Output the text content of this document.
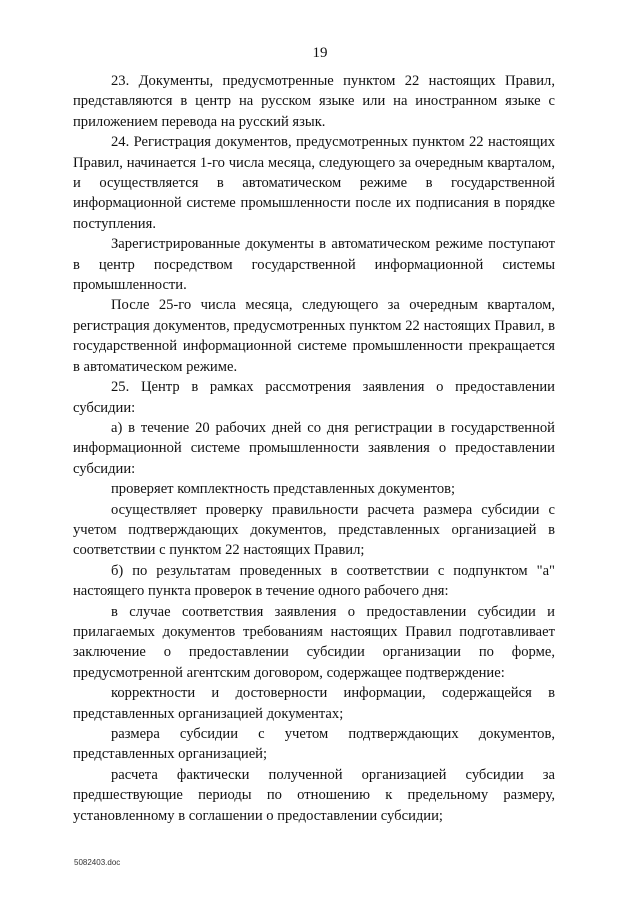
19

23. Документы, предусмотренные пунктом 22 настоящих Правил, представляются в центр на русском языке или на иностранном языке с приложением перевода на русский язык.

24. Регистрация документов, предусмотренных пунктом 22 настоящих Правил, начинается 1-го числа месяца, следующего за очередным кварталом, и осуществляется в автоматическом режиме в государственной информационной системе промышленности после их подписания в порядке поступления.

Зарегистрированные документы в автоматическом режиме поступают в центр посредством государственной информационной системы промышленности.

После 25-го числа месяца, следующего за очередным кварталом, регистрация документов, предусмотренных пунктом 22 настоящих Правил, в государственной информационной системе промышленности прекращается в автоматическом режиме.

25. Центр в рамках рассмотрения заявления о предоставлении субсидии:

а) в течение 20 рабочих дней со дня регистрации в государственной информационной системе промышленности заявления о предоставлении субсидии:

проверяет комплектность представленных документов;

осуществляет проверку правильности расчета размера субсидии с учетом подтверждающих документов, представленных организацией в соответствии с пунктом 22 настоящих Правил;

б) по результатам проведенных в соответствии с подпунктом "а" настоящего пункта проверок в течение одного рабочего дня:

в случае соответствия заявления о предоставлении субсидии и прилагаемых документов требованиям настоящих Правил подготавливает заключение о предоставлении субсидии организации по форме, предусмотренной агентским договором, содержащее подтверждение:

корректности и достоверности информации, содержащейся в представленных организацией документах;

размера субсидии с учетом подтверждающих документов, представленных организацией;

расчета фактически полученной организацией субсидии за предшествующие периоды по отношению к предельному размеру, установленному в соглашении о предоставлении субсидии;

5082403.doc
